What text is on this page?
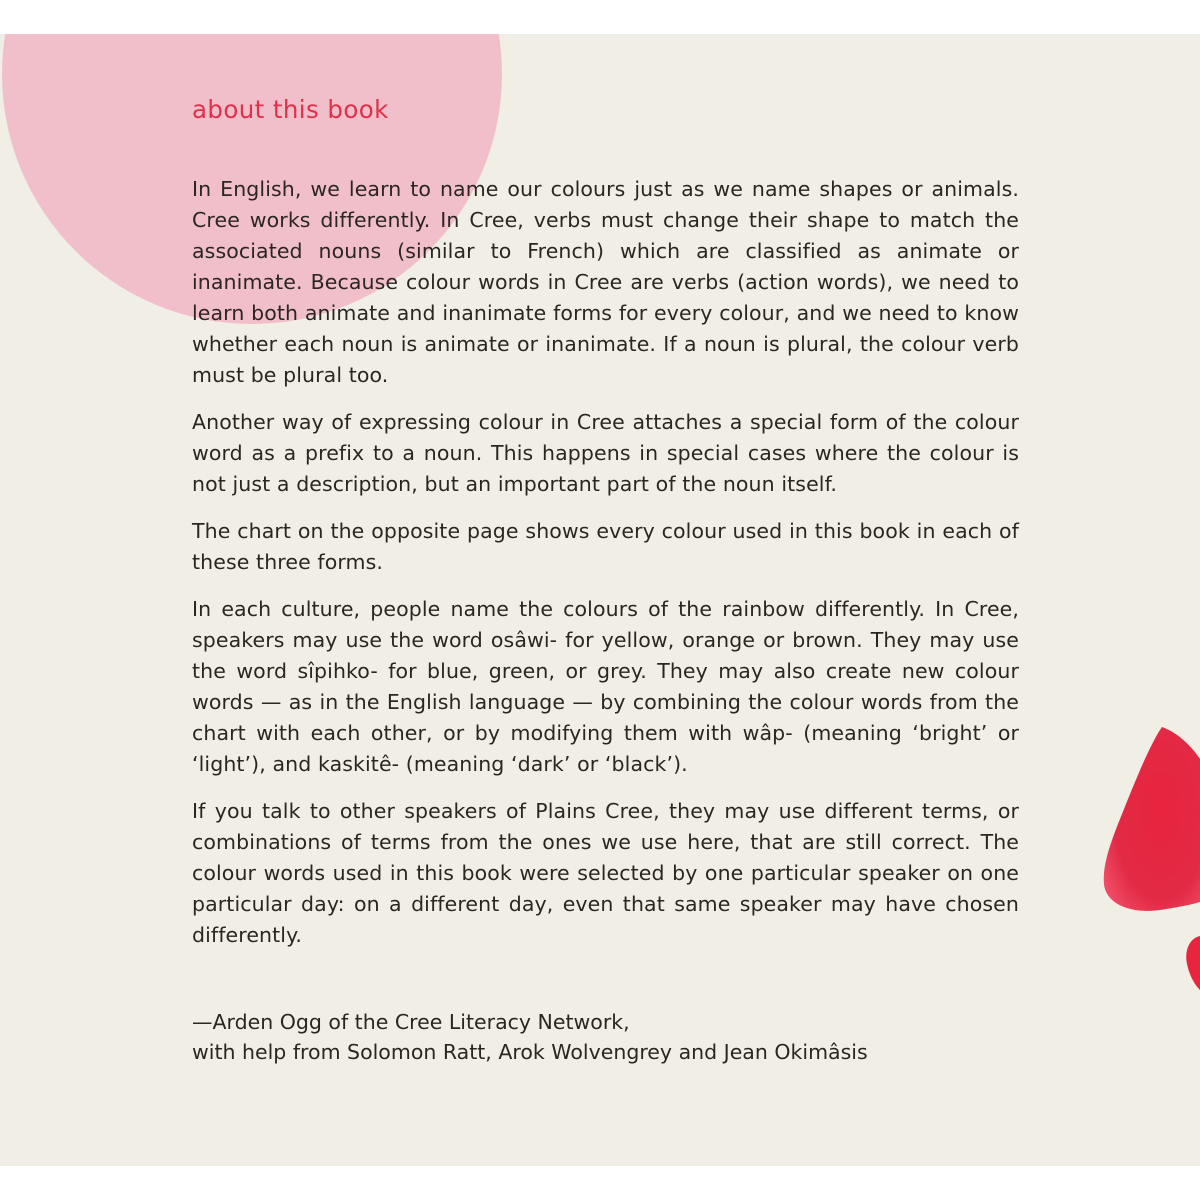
about this book

In English, we learn to name our colours just as we name shapes or animals. Cree works differently. In Cree, verbs must change their shape to match the associated nouns (similar to French) which are classified as animate or inanimate. Because colour words in Cree are verbs (action words), we need to learn both animate and inanimate forms for every colour, and we need to know whether each noun is animate or inanimate. If a noun is plural, the colour verb must be plural too.

Another way of expressing colour in Cree attaches a special form of the colour word as a prefix to a noun. This happens in special cases where the colour is not just a description, but an important part of the noun itself.

The chart on the opposite page shows every colour used in this book in each of these three forms.

In each culture, people name the colours of the rainbow differently. In Cree, speakers may use the word osâwi- for yellow, orange or brown. They may use the word sîpihko- for blue, green, or grey. They may also create new colour words — as in the English language — by combining the colour words from the chart with each other, or by modifying them with wâp- (meaning ‘bright’ or ‘light’), and kaskitê- (meaning ‘dark’ or ‘black’).

If you talk to other speakers of Plains Cree, they may use different terms, or combinations of terms from the ones we use here, that are still correct. The colour words used in this book were selected by one particular speaker on one particular day: on a different day, even that same speaker may have chosen differently.

—Arden Ogg of the Cree Literacy Network,
with help from Solomon Ratt, Arok Wolvengrey and Jean Okimâsis
